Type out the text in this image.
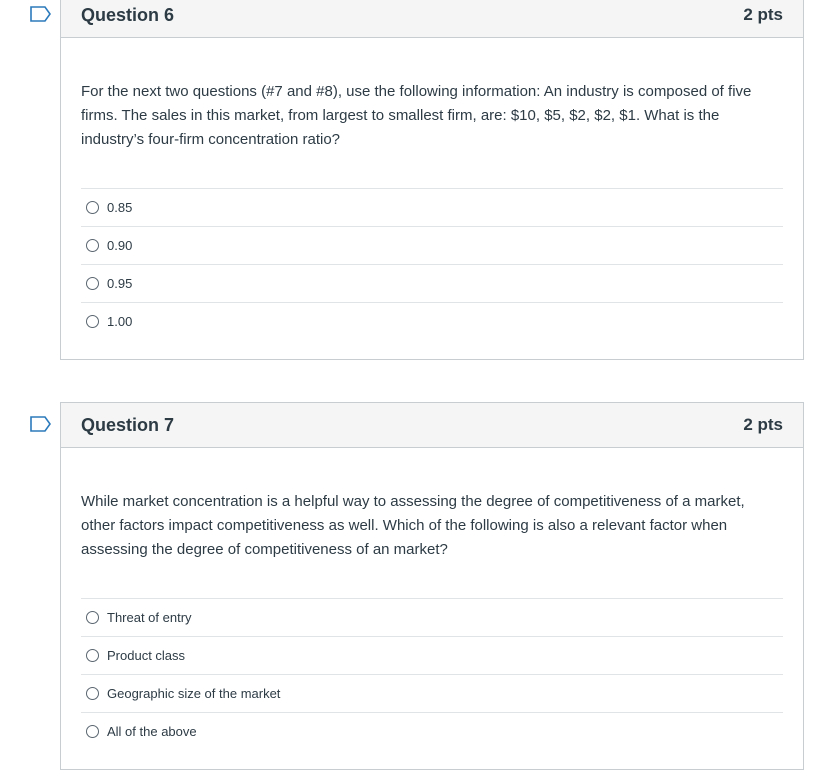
Question 6	2 pts

For the next two questions (#7 and #8), use the following information: An industry is composed of five firms. The sales in this market, from largest to smallest firm, are: $10, $5, $2, $2, $1. What is the industry’s four-firm concentration ratio?

0.85
0.90
0.95
1.00
Question 7	2 pts

While market concentration is a helpful way to assessing the degree of competitiveness of a market, other factors impact competitiveness as well. Which of the following is also a relevant factor when assessing the degree of competitiveness of an market?

Threat of entry
Product class
Geographic size of the market
All of the above
